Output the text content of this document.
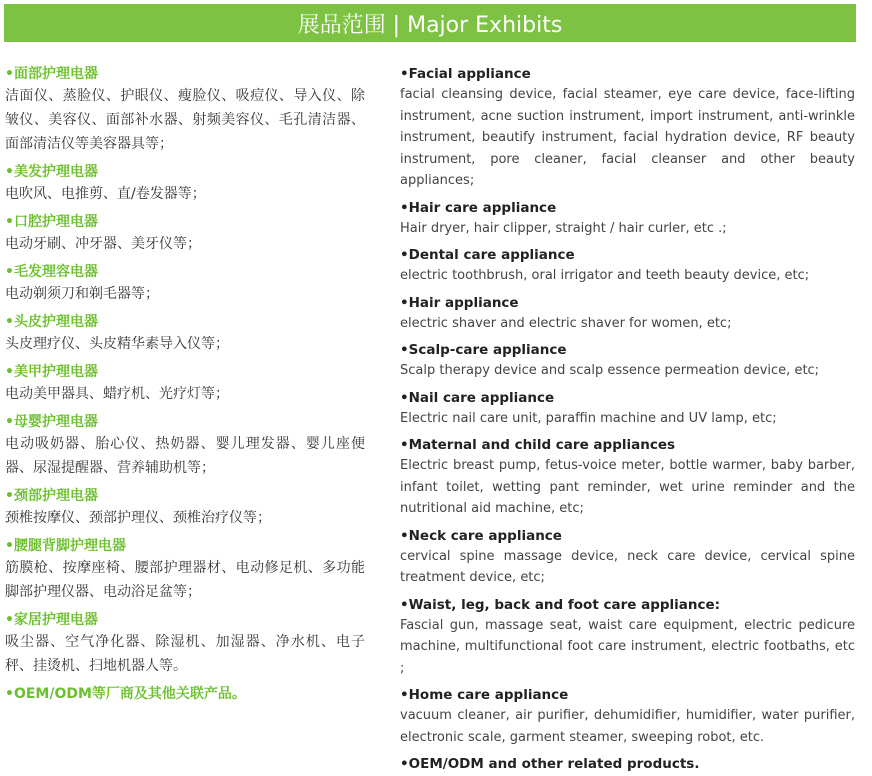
展品范围 | Major Exhibits
•面部护理电器
洁面仪、蒸脸仪、护眼仪、瘦脸仪、吸痘仪、导入仪、除皱仪、美容仪、面部补水器、射频美容仪、毛孔清洁器、面部清洁仪等美容器具等；
•美发护理电器
电吹风、电推剪、直/卷发器等；
•口腔护理电器
电动牙刷、冲牙器、美牙仪等；
•毛发理容电器
电动剃须刀和剃毛器等；
•头皮护理电器
头皮理疗仪、头皮精华素导入仪等；
•美甲护理电器
电动美甲器具、蜡疗机、光疗灯等；
•母婴护理电器
电动吸奶器、胎心仪、热奶器、婴儿理发器、婴儿座便器、尿湿提醒器、营养辅助机等；
•颈部护理电器
颈椎按摩仪、颈部护理仪、颈椎治疗仪等；
•腰腿背脚护理电器
筋膜枪、按摩座椅、腰部护理器材、电动修足机、多功能脚部护理仪器、电动浴足盆等；
•家居护理电器
吸尘器、空气净化器、除湿机、加湿器、净水机、电子秤、挂烫机、扫地机器人等。
•OEM/ODM等厂商及其他关联产品。
•Facial appliance
facial cleansing device, facial steamer, eye care device, face-lifting instrument, acne suction instrument, import instrument, anti-wrinkle instrument, beautify instrument, facial hydration device, RF beauty instrument, pore cleaner, facial cleanser and other beauty appliances;
•Hair care appliance
Hair dryer, hair clipper, straight / hair curler, etc .;
•Dental care appliance
electric toothbrush, oral irrigator and teeth beauty device, etc;
•Hair appliance
electric shaver and electric shaver for women, etc;
•Scalp-care appliance
Scalp therapy device and scalp essence permeation device, etc;
•Nail care appliance
Electric nail care unit, paraffin machine and UV lamp, etc;
•Maternal and child care appliances
Electric breast pump, fetus-voice meter, bottle warmer, baby barber, infant toilet, wetting pant reminder, wet urine reminder and the nutritional aid machine, etc;
•Neck care appliance
cervical spine massage device, neck care device, cervical spine treatment device, etc;
•Waist, leg, back and foot care appliance:
Fascial gun, massage seat, waist care equipment, electric pedicure machine, multifunctional foot care instrument, electric footbaths, etc ;
•Home care appliance
vacuum cleaner, air purifier, dehumidifier, humidifier, water purifier, electronic scale, garment steamer, sweeping robot, etc.
•OEM/ODM and other related products.
